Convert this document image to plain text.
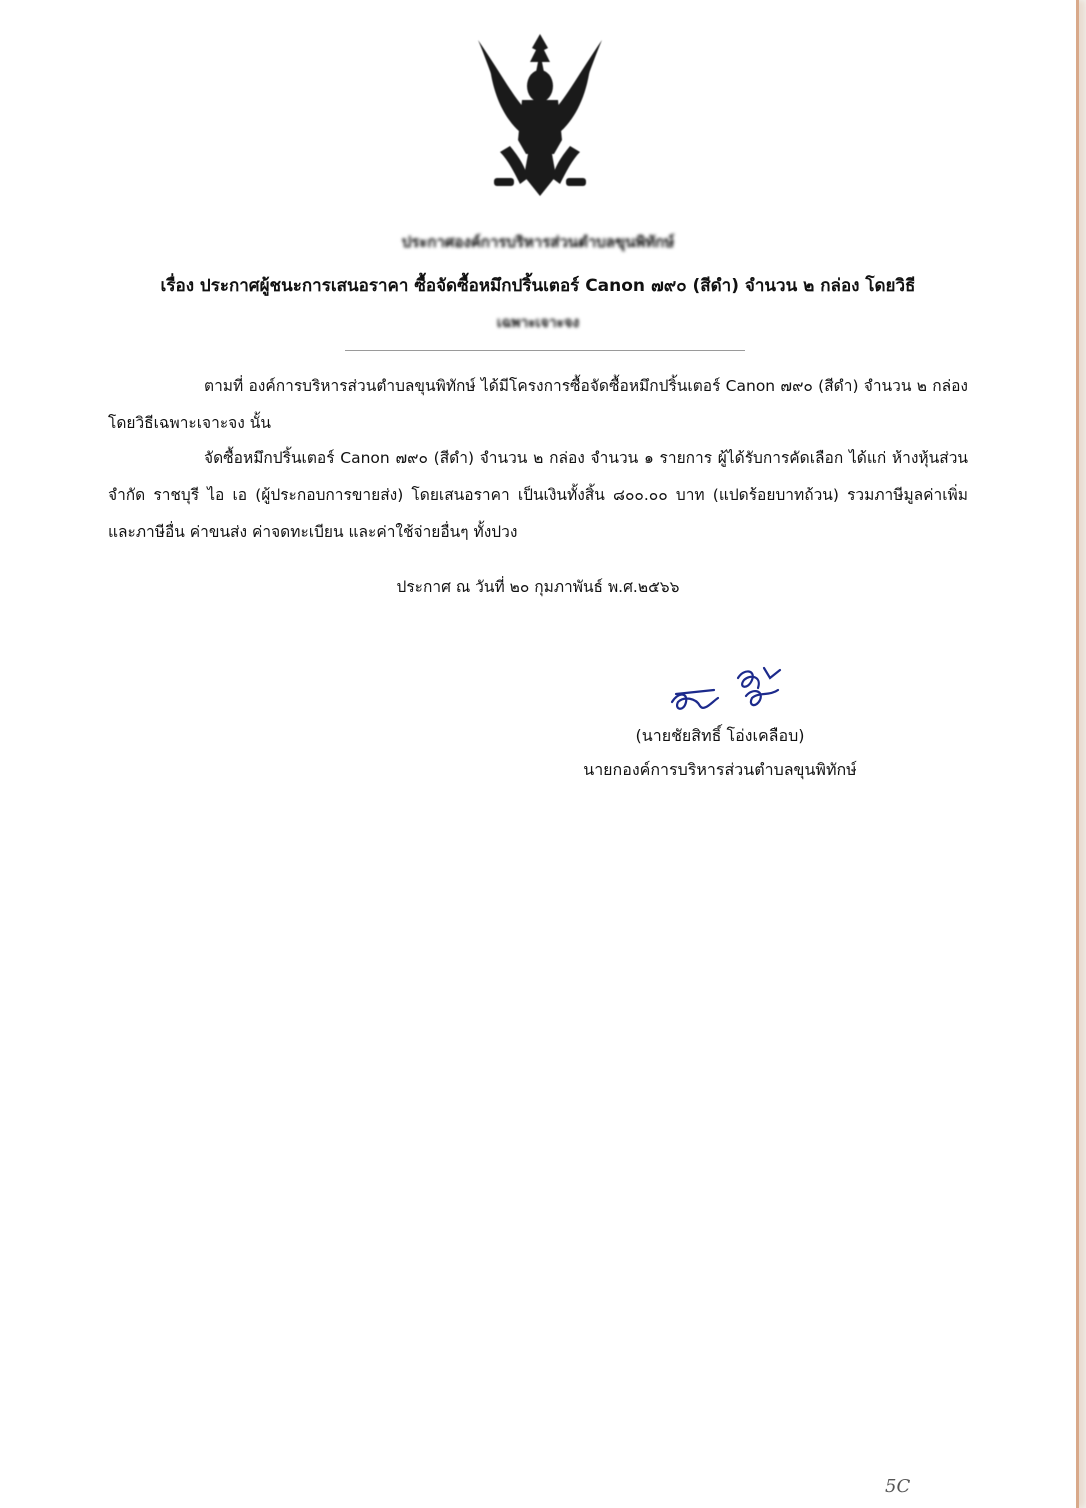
ประกาศองค์การบริหารส่วนตำบลขุนพิทักษ์
เรื่อง ประกาศผู้ชนะการเสนอราคา ซื้อจัดซื้อหมึกปริ้นเตอร์ Canon ๗๙๐ (สีดำ) จำนวน ๒ กล่อง โดยวิธี
เฉพาะเจาะจง
ตามที่ องค์การบริหารส่วนตำบลขุนพิทักษ์ ได้มีโครงการซื้อจัดซื้อหมึกปริ้นเตอร์ Canon ๗๙๐ (สีดำ) จำนวน ๒ กล่อง โดยวิธีเฉพาะเจาะจง นั้น
จัดซื้อหมึกปริ้นเตอร์ Canon ๗๙๐ (สีดำ) จำนวน ๒ กล่อง จำนวน ๑ รายการ ผู้ได้รับการคัดเลือก ได้แก่ ห้างหุ้นส่วนจำกัด ราชบุรี ไอ เอ (ผู้ประกอบการขายส่ง) โดยเสนอราคา เป็นเงินทั้งสิ้น ๘๐๐.๐๐ บาท (แปดร้อยบาทถ้วน) รวมภาษีมูลค่าเพิ่ม และภาษีอื่น ค่าขนส่ง ค่าจดทะเบียน และค่าใช้จ่ายอื่นๆ ทั้งปวง
ประกาศ ณ วันที่ ๒๐ กุมภาพันธ์ พ.ศ.๒๕๖๖
(นายชัยสิทธิ์ โอ่งเคลือบ)
นายกองค์การบริหารส่วนตำบลขุนพิทักษ์
5C
